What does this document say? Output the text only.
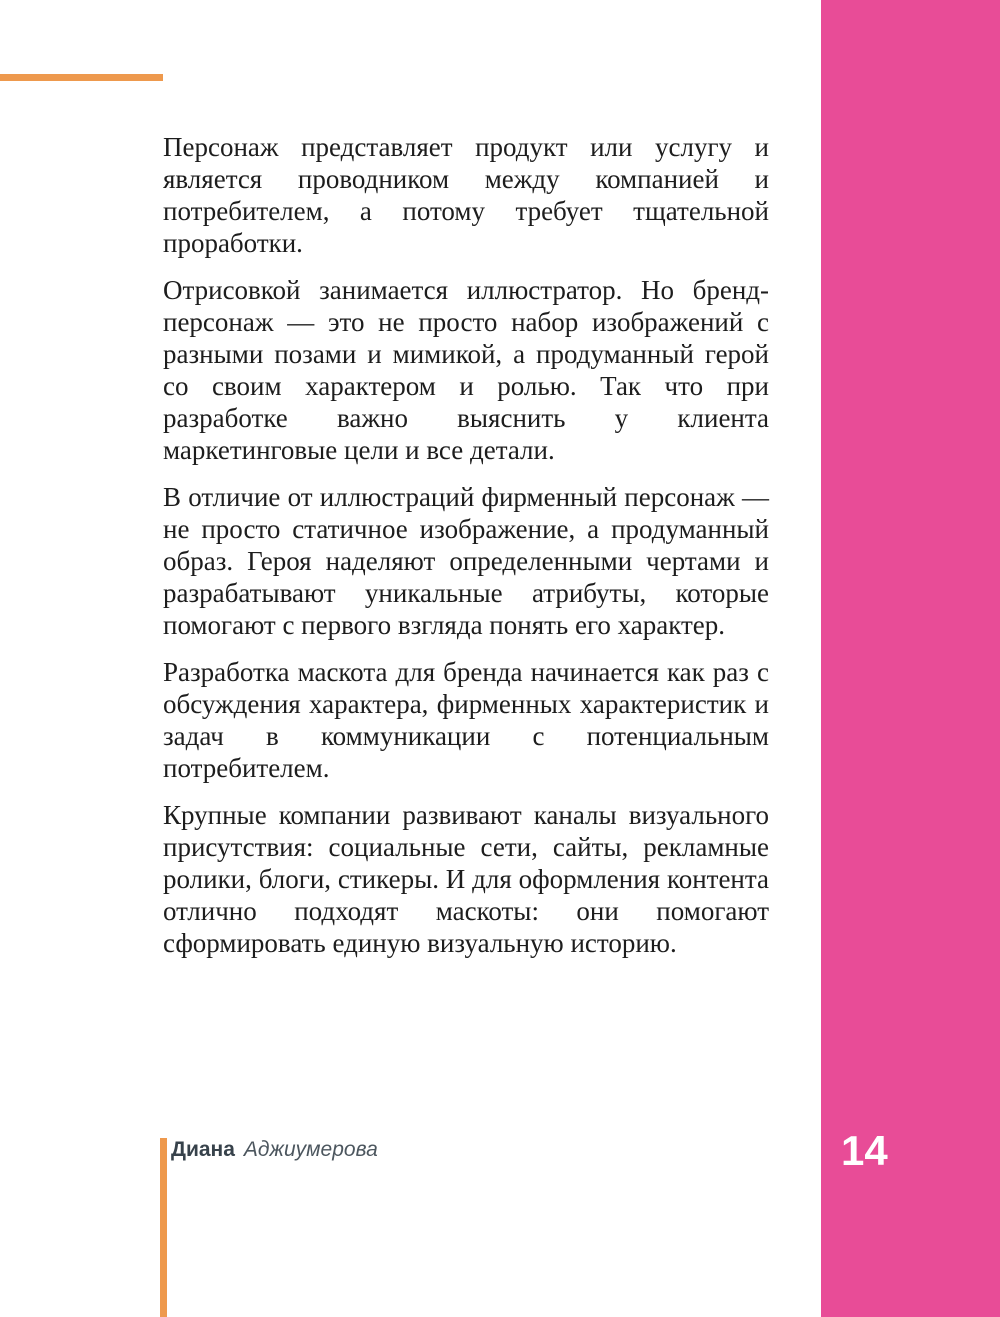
Персонаж представляет продукт или услугу и является проводником между компанией и потребителем, а потому требует тщательной проработки.

Отрисовкой занимается иллюстратор. Но бренд-персонаж — это не просто набор изображений с разными позами и мимикой, а продуманный герой со своим характером и ролью. Так что при разработке важно выяснить у клиента маркетинговые цели и все детали.

В отличие от иллюстраций фирменный персонаж — не просто статичное изображение, а продуманный образ. Героя наделяют определенными чертами и разрабатывают уникальные атрибуты, которые помогают с первого взгляда понять его характер.

Разработка маскота для бренда начинается как раз с обсуждения характера, фирменных характеристик и задач в коммуникации с потенциальным потребителем.

Крупные компании развивают каналы визуального присутствия: социальные сети, сайты, рекламные ролики, блоги, стикеры. И для оформления контента отлично подходят маскоты: они помогают сформировать единую визуальную историю.

Диана Аджиумерова	14
